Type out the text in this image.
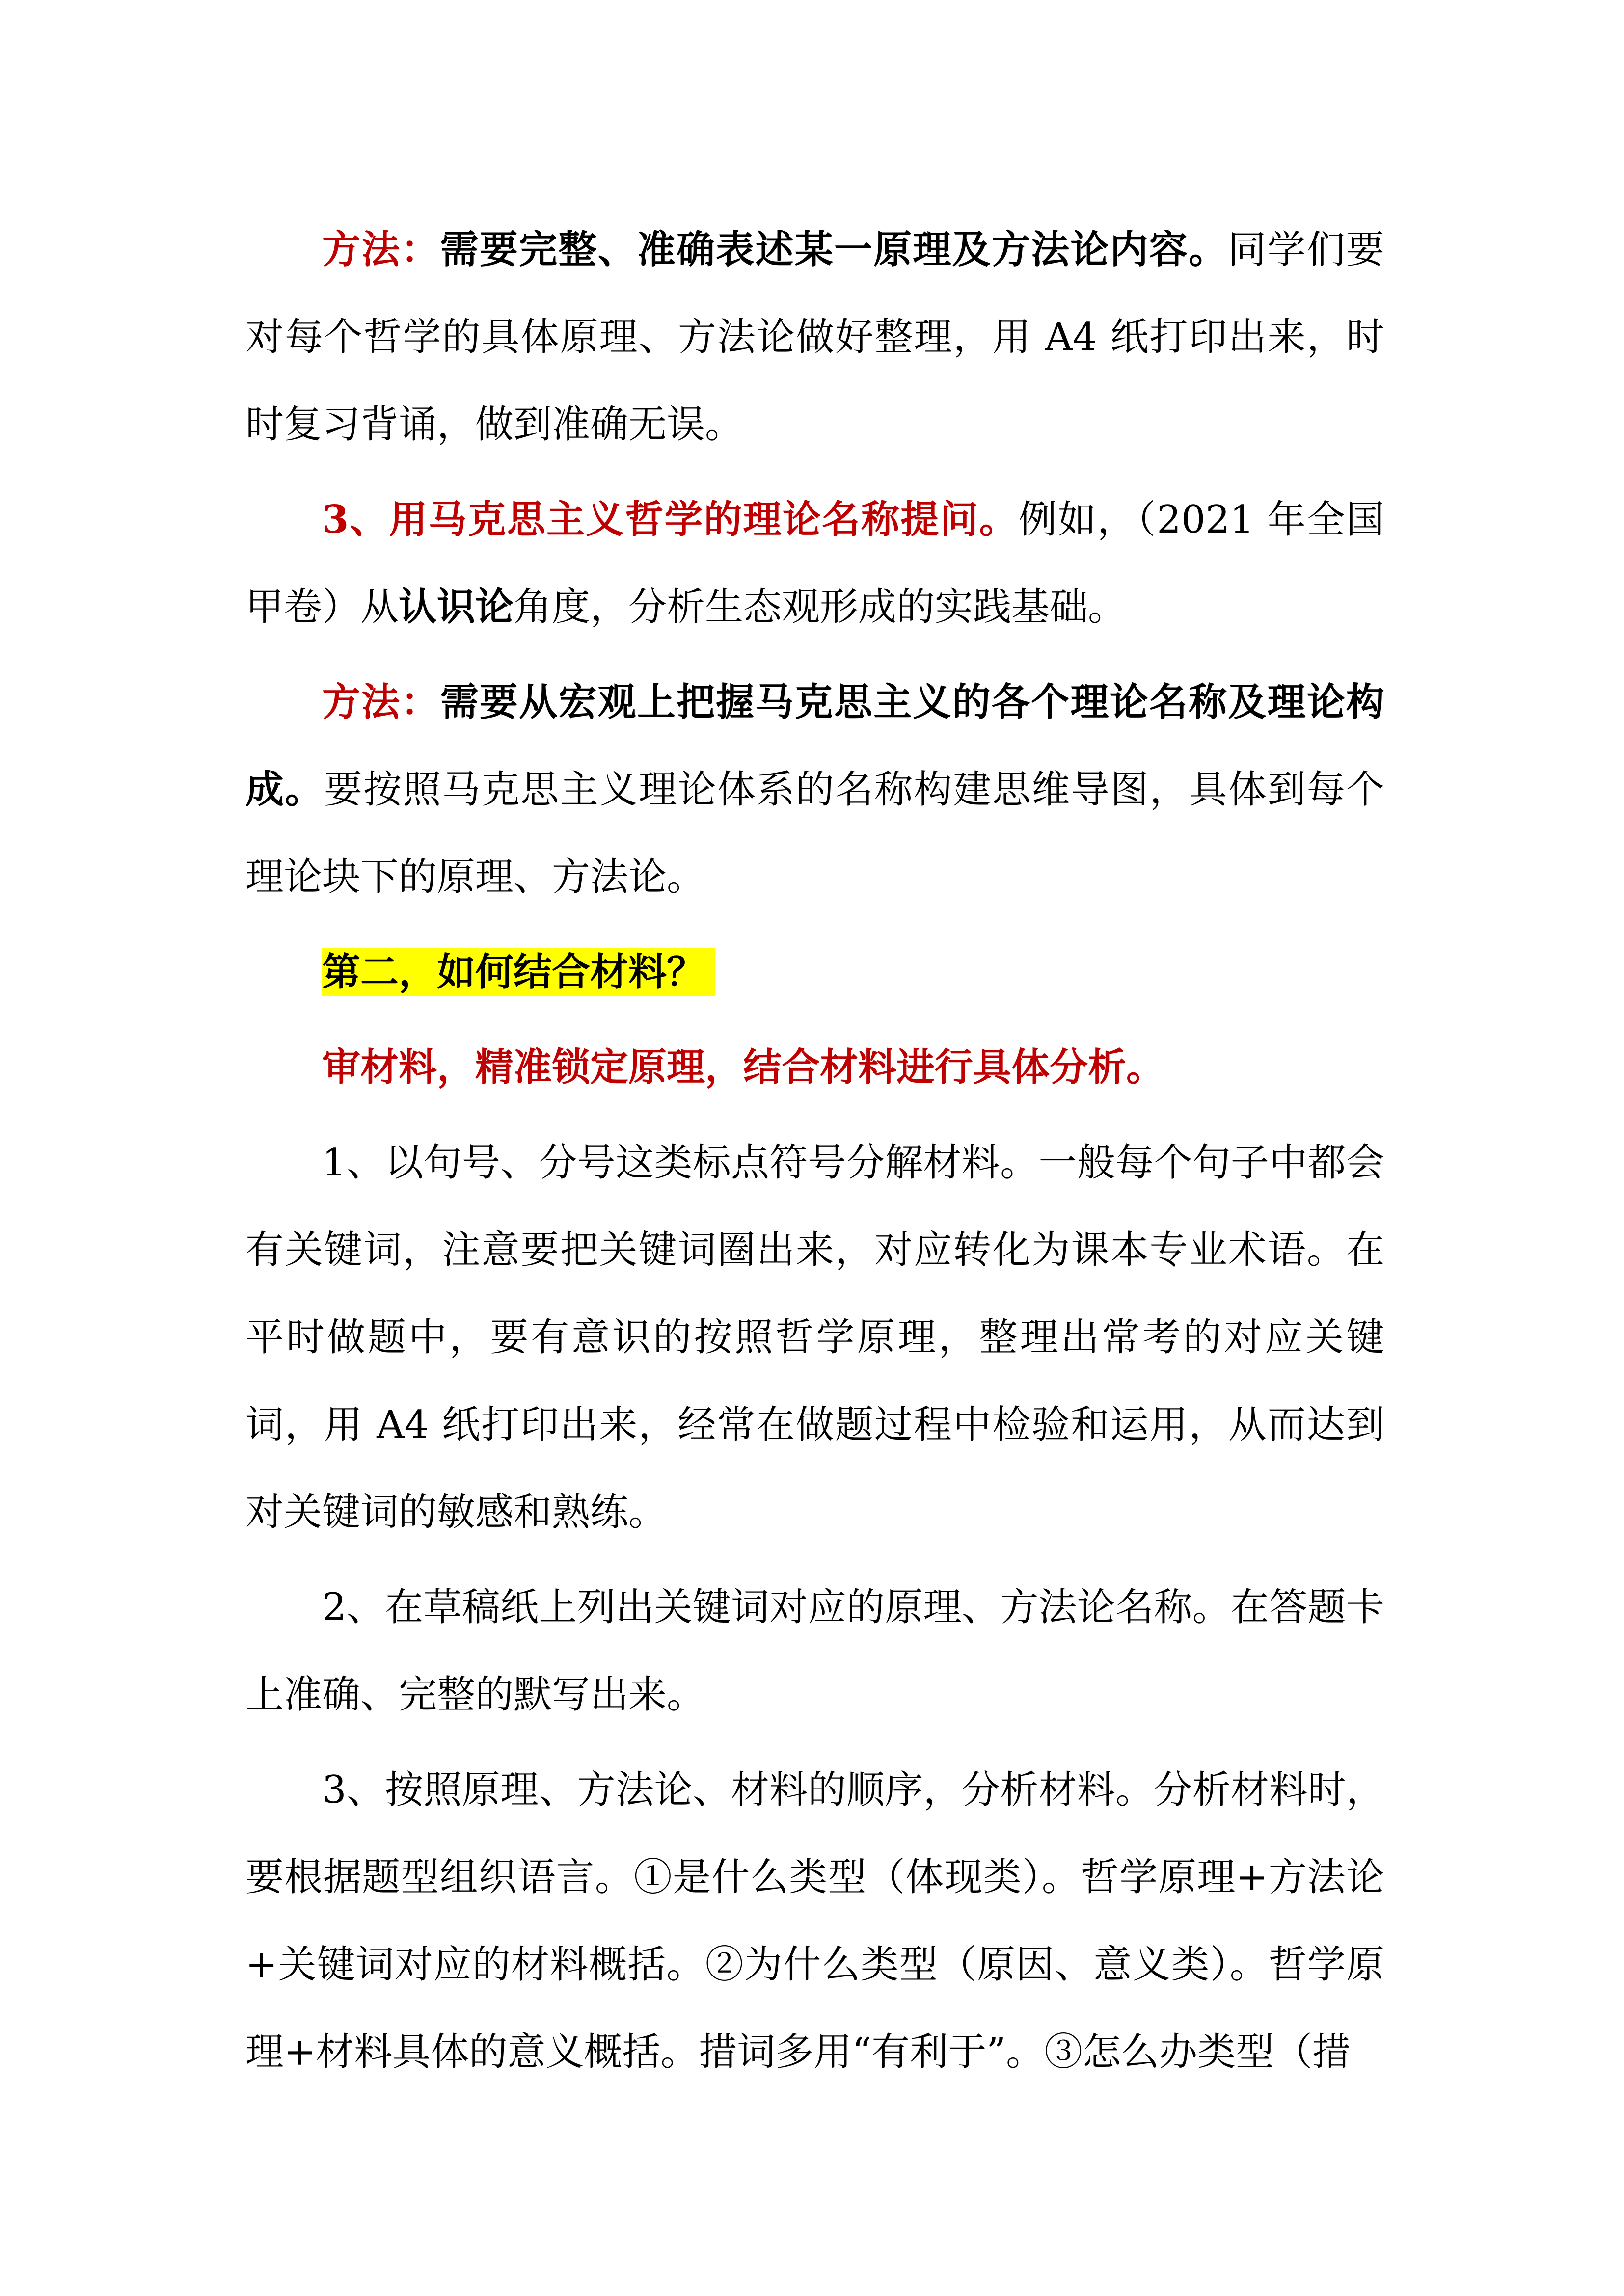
方法：需要完整、准确表述某一原理及方法论内容。同学们要对每个哲学的具体原理、方法论做好整理，用 A4 纸打印出来，时时复习背诵，做到准确无误。

3、用马克思主义哲学的理论名称提问。例如，（2021 年全国甲卷）从认识论角度，分析生态观形成的实践基础。

方法：需要从宏观上把握马克思主义的各个理论名称及理论构成。要按照马克思主义理论体系的名称构建思维导图，具体到每个理论块下的原理、方法论。

第二，如何结合材料？

审材料，精准锁定原理，结合材料进行具体分析。

1、以句号、分号这类标点符号分解材料。一般每个句子中都会有关键词，注意要把关键词圈出来，对应转化为课本专业术语。在平时做题中，要有意识的按照哲学原理，整理出常考的对应关键词，用 A4 纸打印出来，经常在做题过程中检验和运用，从而达到对关键词的敏感和熟练。

2、在草稿纸上列出关键词对应的原理、方法论名称。在答题卡上准确、完整的默写出来。

3、按照原理、方法论、材料的顺序，分析材料。分析材料时，要根据题型组织语言。①是什么类型（体现类）。哲学原理+方法论+关键词对应的材料概括。②为什么类型（原因、意义类）。哲学原理+材料具体的意义概括。措词多用“有利于”。③怎么办类型（措
